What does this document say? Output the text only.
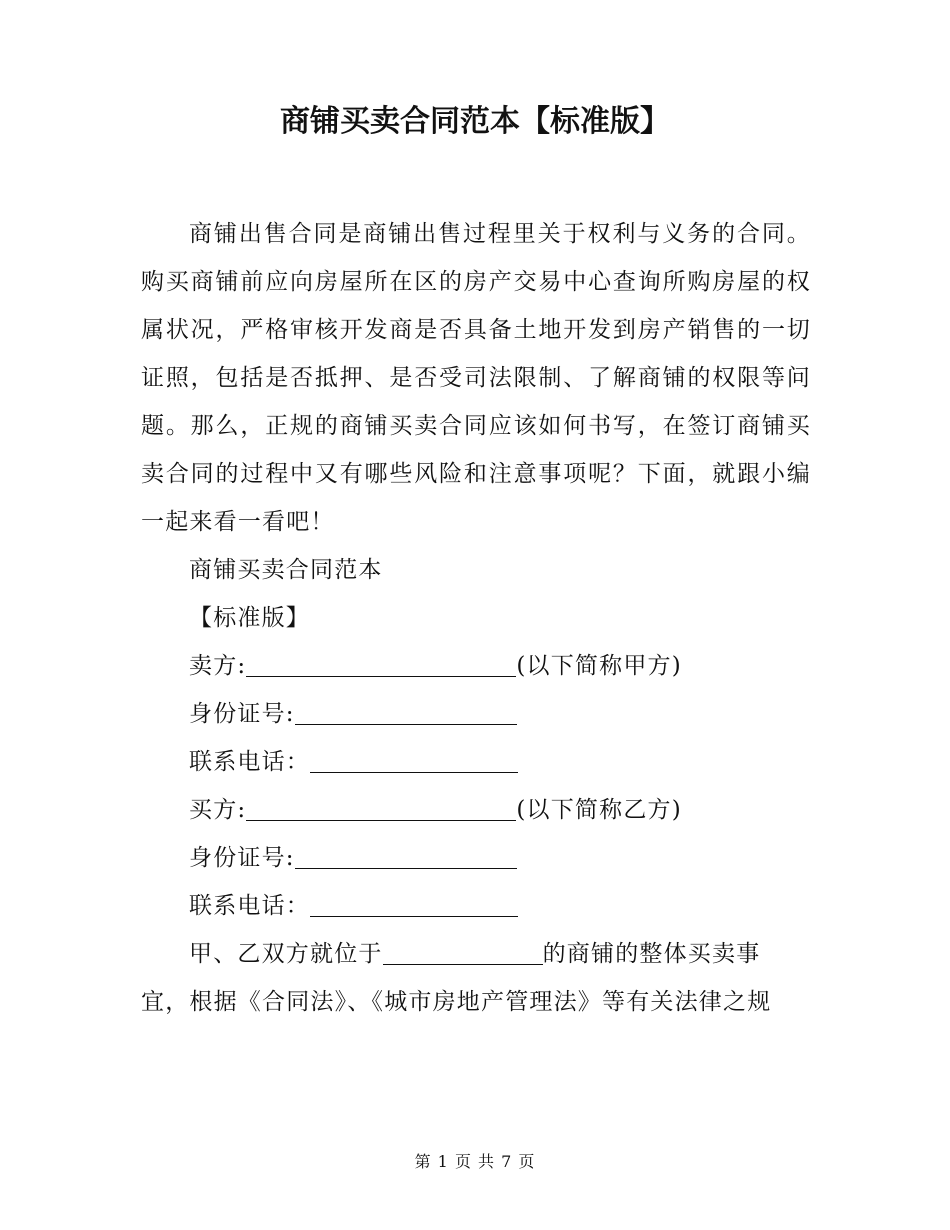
商铺买卖合同范本【标准版】

商铺出售合同是商铺出售过程里关于权利与义务的合同。购买商铺前应向房屋所在区的房产交易中心查询所购房屋的权属状况，严格审核开发商是否具备土地开发到房产销售的一切证照，包括是否抵押、是否受司法限制、了解商铺的权限等问题。那么，正规的商铺买卖合同应该如何书写，在签订商铺买卖合同的过程中又有哪些风险和注意事项呢？下面，就跟小编一起来看一看吧！

商铺买卖合同范本

【标准版】

卖方:	(以下简称甲方)

身份证号:

联系电话：

买方:	(以下简称乙方)

身份证号:

联系电话：

甲、乙双方就位于	的商铺的整体买卖事

宜，根据《合同法》、《城市房地产管理法》等有关法律之规

第 1 页 共 7 页
